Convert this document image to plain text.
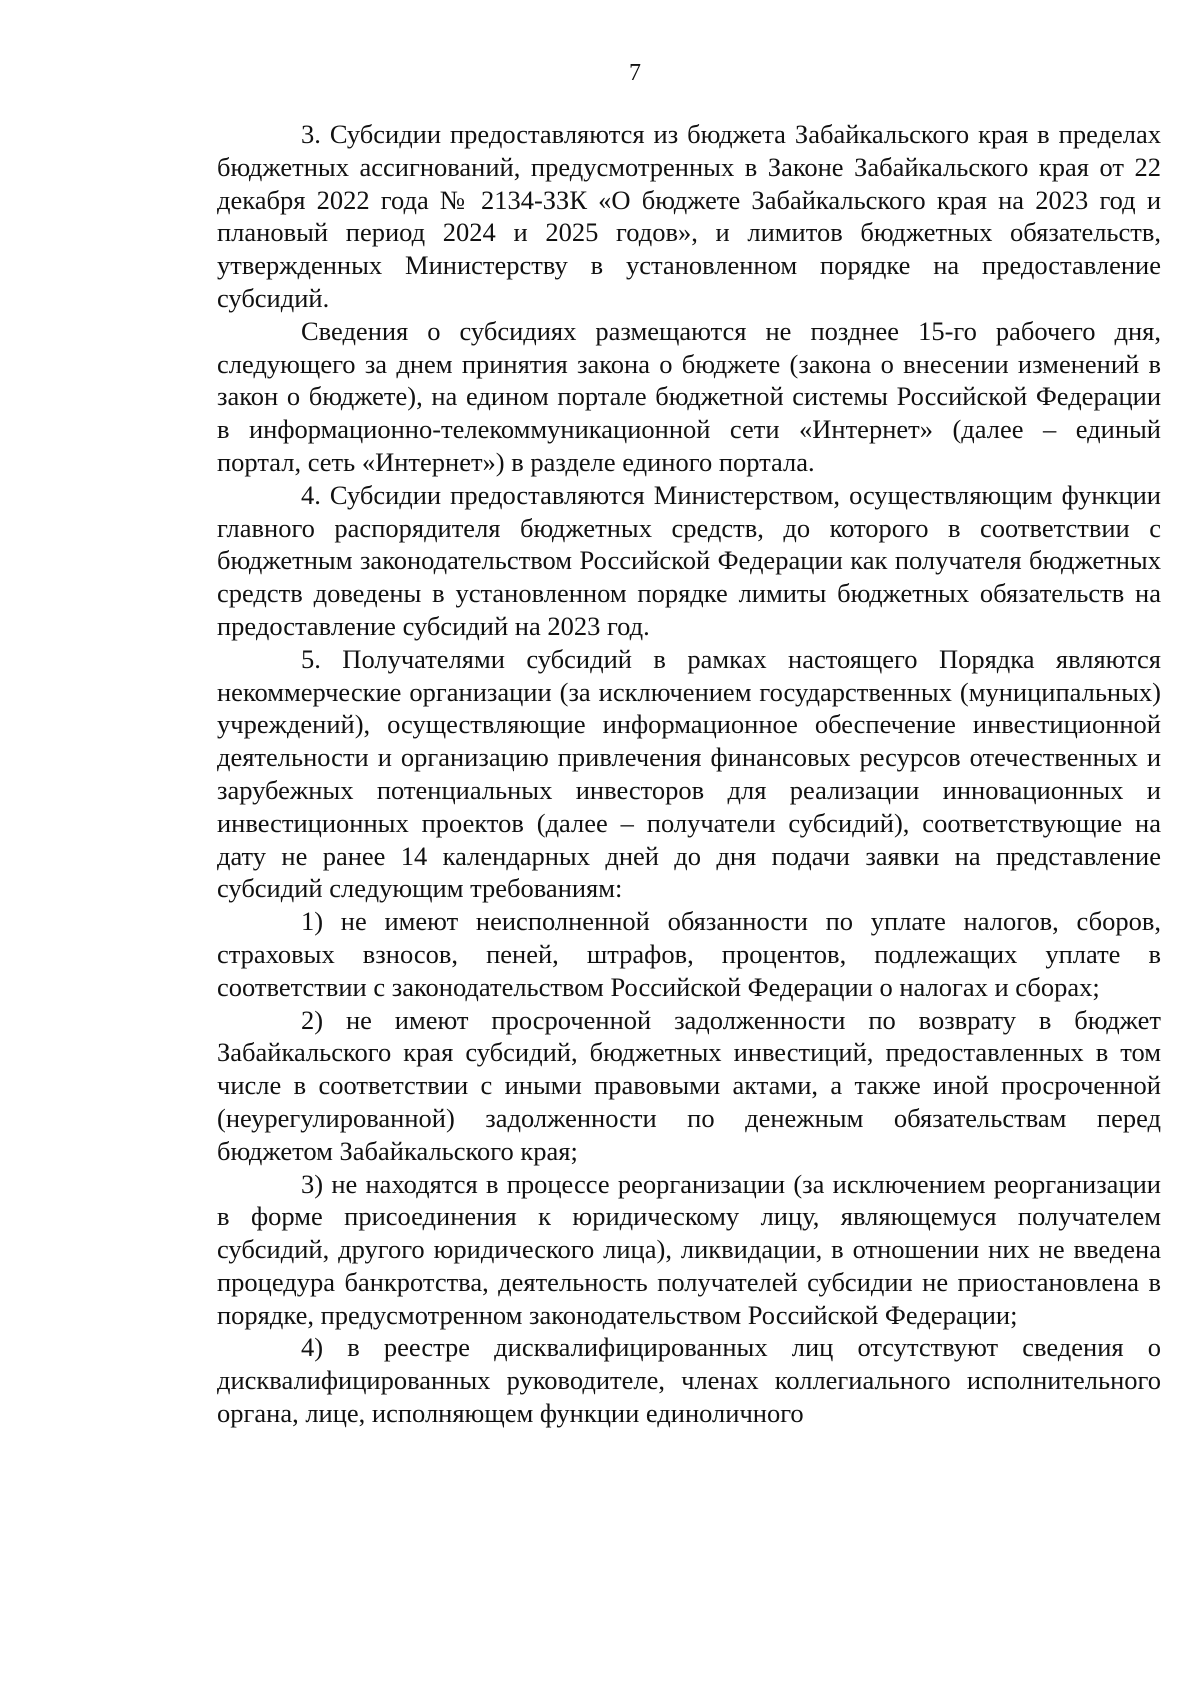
7

3. Субсидии предоставляются из бюджета Забайкальского края в пределах бюджетных ассигнований, предусмотренных в Законе Забайкальского края от 22 декабря 2022 года № 2134-ЗЗК «О бюджете Забайкальского края на 2023 год и плановый период 2024 и 2025 годов», и лимитов бюджетных обязательств, утвержденных Министерству в установленном порядке на предоставление субсидий.

Сведения о субсидиях размещаются не позднее 15-го рабочего дня, следующего за днем принятия закона о бюджете (закона о внесении изменений в закон о бюджете), на едином портале бюджетной системы Российской Федерации в информационно-телекоммуникационной сети «Интернет» (далее – единый портал, сеть «Интернет») в разделе единого портала.

4. Субсидии предоставляются Министерством, осуществляющим функции главного распорядителя бюджетных средств, до которого в соответствии с бюджетным законодательством Российской Федерации как получателя бюджетных средств доведены в установленном порядке лимиты бюджетных обязательств на предоставление субсидий на 2023 год.

5. Получателями субсидий в рамках настоящего Порядка являются некоммерческие организации (за исключением государственных (муниципальных) учреждений), осуществляющие информационное обеспечение инвестиционной деятельности и организацию привлечения финансовых ресурсов отечественных и зарубежных потенциальных инвесторов для реализации инновационных и инвестиционных проектов (далее – получатели субсидий), соответствующие на дату не ранее 14 календарных дней до дня подачи заявки на представление субсидий следующим требованиям:

1) не имеют неисполненной обязанности по уплате налогов, сборов, страховых взносов, пеней, штрафов, процентов, подлежащих уплате в соответствии с законодательством Российской Федерации о налогах и сборах;

2) не имеют просроченной задолженности по возврату в бюджет Забайкальского края субсидий, бюджетных инвестиций, предоставленных в том числе в соответствии с иными правовыми актами, а также иной просроченной (неурегулированной) задолженности по денежным обязательствам перед бюджетом Забайкальского края;

3) не находятся в процессе реорганизации (за исключением реорганизации в форме присоединения к юридическому лицу, являющемуся получателем субсидий, другого юридического лица), ликвидации, в отношении них не введена процедура банкротства, деятельность получателей субсидии не приостановлена в порядке, предусмотренном законодательством Российской Федерации;

4) в реестре дисквалифицированных лиц отсутствуют сведения о дисквалифицированных руководителе, членах коллегиального исполнительного органа, лице, исполняющем функции единоличного
